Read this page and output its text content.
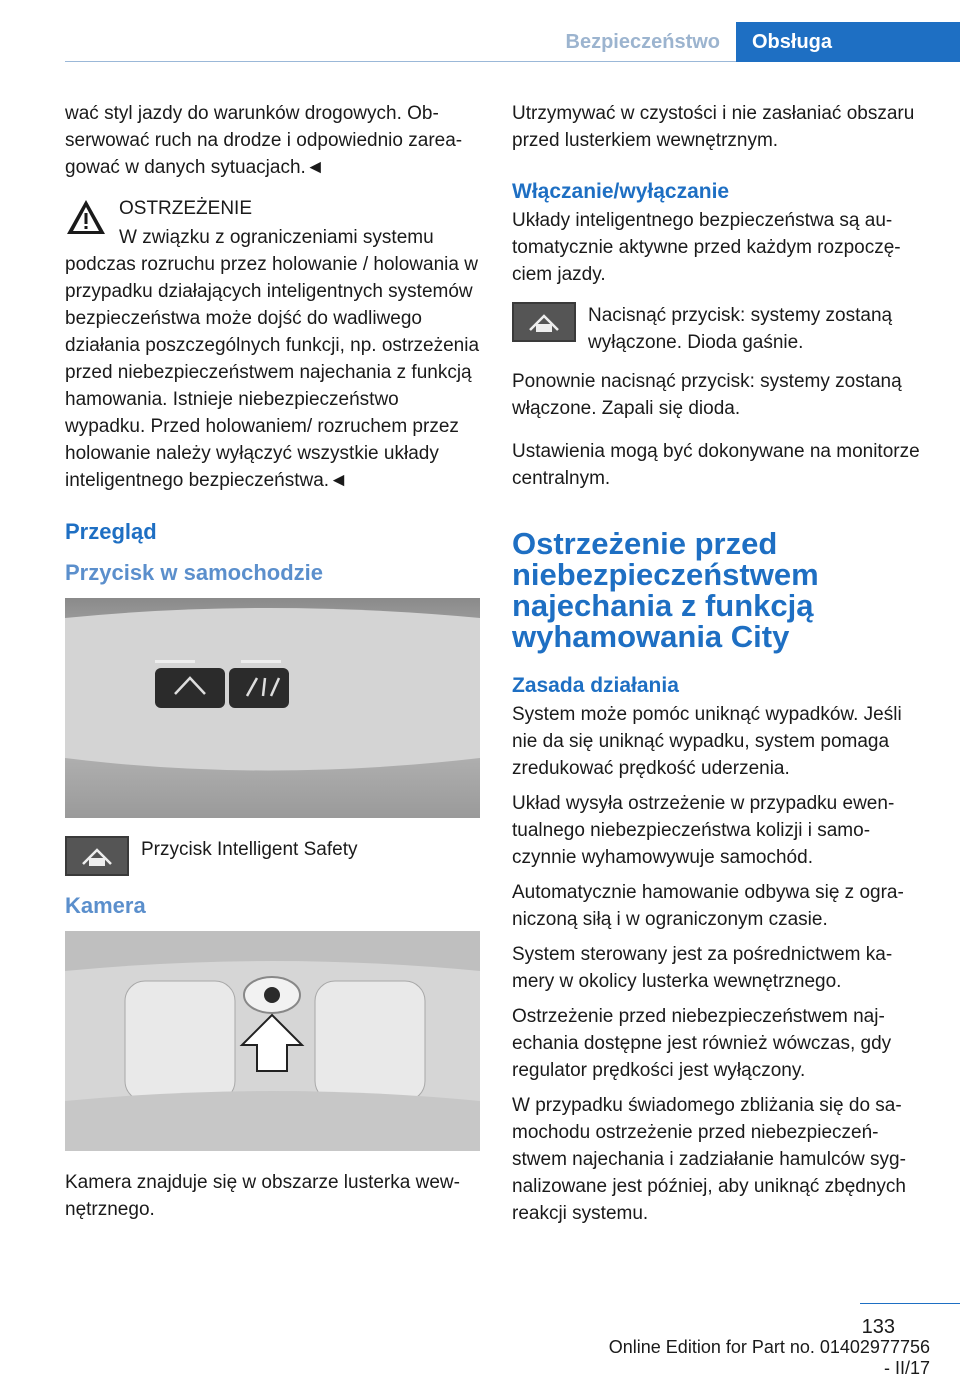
Bezpieczeństwo	Obsługa

wać styl jazdy do warunków drogowych. Obserwować ruch na drodze i odpowiednio zareagować w danych sytuacjach.◄

OSTRZEŻENIE

W związku z ograniczeniami systemu podczas rozruchu przez holowanie / holowania w przypadku działających inteligentnych systemów bezpieczeństwa może dojść do wadliwego działania poszczególnych funkcji, np. ostrzeżenia przed niebezpieczeństwem najechania z funkcją hamowania. Istnieje niebezpieczeństwo wypadku. Przed holowaniem/ rozruchem przez holowanie należy wyłączyć wszystkie układy inteligentnego bezpieczeństwa.◄

Przegląd
Przycisk w samochodzie
Przycisk Intelligent Safety
Kamera

Kamera znajduje się w obszarze lusterka wewnętrznego.

Utrzymywać w czystości i nie zasłaniać obszaru przed lusterkiem wewnętrznym.

Włączanie/wyłączanie

Układy inteligentnego bezpieczeństwa są automatycznie aktywne przed każdym rozpoczęciem jazdy.

Nacisnąć przycisk: systemy zostaną wyłączone. Dioda gaśnie.

Ponownie nacisnąć przycisk: systemy zostaną włączone. Zapali się dioda.

Ustawienia mogą być dokonywane na monitorze centralnym.

Ostrzeżenie przed niebezpieczeństwem najechania z funkcją wyhamowania City
Zasada działania

System może pomóc uniknąć wypadków. Jeśli nie da się uniknąć wypadku, system pomaga zredukować prędkość uderzenia.

Układ wysyła ostrzeżenie w przypadku ewentualnego niebezpieczeństwa kolizji i samoczynnie wyhamowywuje samochód.

Automatycznie hamowanie odbywa się z ograniczoną siłą i w ograniczonym czasie.

System sterowany jest za pośrednictwem kamery w okolicy lusterka wewnętrznego.

Ostrzeżenie przed niebezpieczeństwem najechania dostępne jest również wówczas, gdy regulator prędkości jest wyłączony.

W przypadku świadomego zbliżania się do samochodu ostrzeżenie przed niebezpieczeństwem najechania i zadziałanie hamulców sygnalizowane jest później, aby uniknąć zbędnych reakcji systemu.

133
Online Edition for Part no. 01402977756 - II/17
